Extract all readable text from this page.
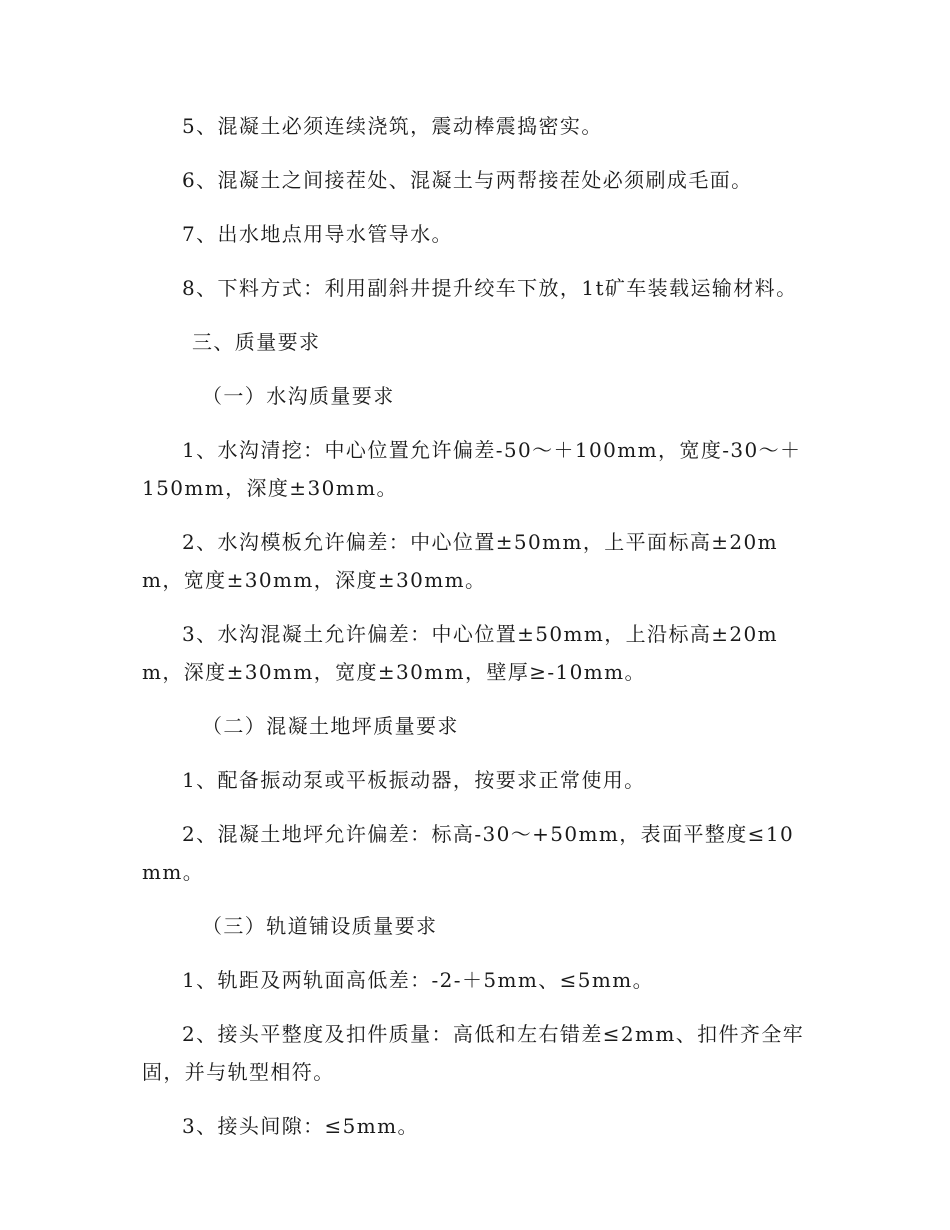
5、混凝土必须连续浇筑，震动棒震捣密实。

6、混凝土之间接茬处、混凝土与两帮接茬处必须刷成毛面。

7、出水地点用导水管导水。

8、下料方式：利用副斜井提升绞车下放，1t矿车装载运输材料。

三、质量要求

（一）水沟质量要求

1、水沟清挖：中心位置允许偏差-50～＋100mm，宽度-30～＋150mm，深度±30mm。

2、水沟模板允许偏差：中心位置±50mm，上平面标高±20mm，宽度±30mm，深度±30mm。

3、水沟混凝土允许偏差：中心位置±50mm，上沿标高±20mm，深度±30mm，宽度±30mm，壁厚≥-10mm。

（二）混凝土地坪质量要求

1、配备振动泵或平板振动器，按要求正常使用。

2、混凝土地坪允许偏差：标高-30～+50mm，表面平整度≤10mm。

（三）轨道铺设质量要求

1、轨距及两轨面高低差：-2-＋5mm、≤5mm。

2、接头平整度及扣件质量：高低和左右错差≤2mm、扣件齐全牢固，并与轨型相符。

3、接头间隙：≤5mm。
